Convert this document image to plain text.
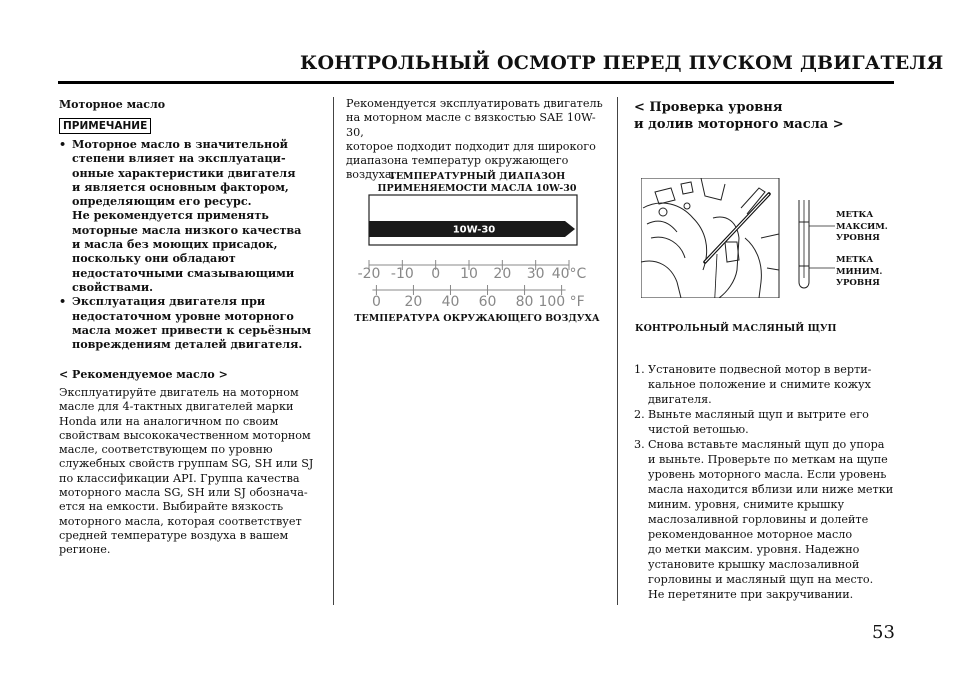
КОНТРОЛЬНЫЙ ОСМОТР ПЕРЕД ПУСКОМ ДВИГАТЕЛЯ
Моторное масло
ПРИМЕЧАНИЕ
• Моторное масло в значительной
степени влияет на эксплуатаци-
онные характеристики двигателя
и является основным фактором,
определяющим его ресурс.
Не рекомендуется применять
моторные масла низкого качества
и масла без моющих присадок,
поскольку они обладают
недостаточными смазывающими
свойствами.
• Эксплуатация двигателя при
недостаточном уровне моторного
масла может привести к серьёзным
повреждениям деталей двигателя.
< Рекомендуемое масло >
Эксплуатируйте двигатель на моторном
масле для 4-тактных двигателей марки
Honda или на аналогичном по своим
свойствам высококачественном моторном
масле, соответствующем по уровню
служебных свойств группам SG, SH или SJ
по классификации API. Группа качества
моторного масла SG, SH или SJ обознача-
ется на емкости. Выбирайте вязкость
моторного масла, которая соответствует
средней температуре воздуха в вашем
регионе.
Рекомендуется эксплуатировать двигатель
на моторном масле с вязкостью SAE 10W-30,
которое подходит подходит для широкого
диапазона температур окружающего
воздуха.
ТЕМПЕРАТУРНЫЙ ДИАПАЗОН
ПРИМЕНЯЕМОСТИ МАСЛА 10W-30
10W-30
-20 -10 0 10 20 30 40°C
0 20 40 60 80 100 °F
ТЕМПЕРАТУРА ОКРУЖАЮЩЕГО ВОЗДУХА
< Проверка уровня
и долив моторного масла >
МЕТКА
МАКСИМ.
УРОВНЯ
МЕТКА
МИНИМ.
УРОВНЯ
КОНТРОЛЬНЫЙ МАСЛЯНЫЙ ЩУП
1. Установите подвесной мотор в верти-
кальное положение и снимите кожух
двигателя.
2. Выньте масляный щуп и вытрите его
чистой ветошью.
3. Снова вставьте масляный щуп до упора
и выньте. Проверьте по меткам на щупе
уровень моторного масла. Если уровень
масла находится вблизи или ниже метки
миним. уровня, снимите крышку
маслозаливной горловины и долейте
рекомендованное моторное масло
до метки максим. уровня. Надежно
установите крышку маслозаливной
горловины и масляный щуп на место.
Не перетяните при закручивании.
53
